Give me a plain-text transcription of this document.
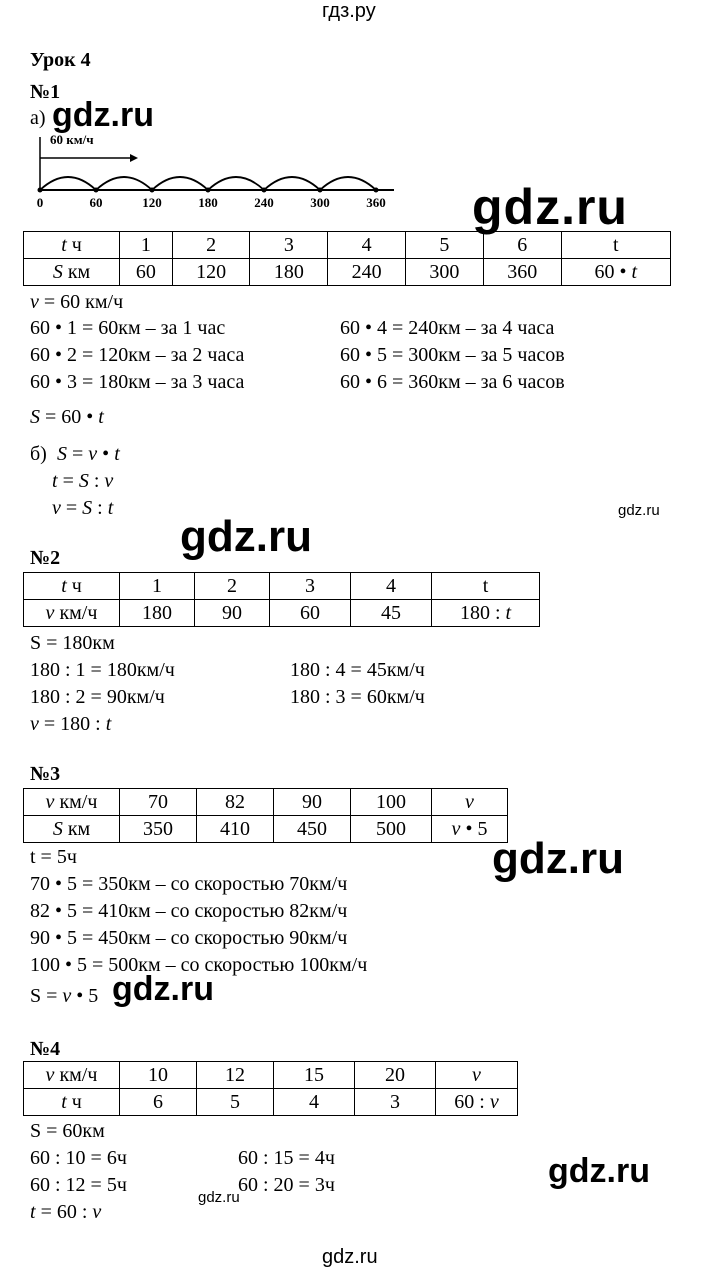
гдз.ру
Урок 4
№1
а)
0	60	120	180	240	300	360
60 км/ч
t ч	1	2	3	4	5	6	t
S км	60	120	180	240	300	360	60 • t
v = 60 км/ч
60 • 1 = 60км – за 1 час
60 • 2 = 120км – за 2 часа
60 • 3 = 180км – за 3 часа
60 • 4 = 240км – за 4 часа
60 • 5 = 300км – за 5 часов
60 • 6 = 360км – за 6 часов
S = 60 • t
б) S = v • t
t = S : v
v = S : t
№2
t ч	1	2	3	4	t
v км/ч	180	90	60	45	180 : t
S = 180км
180 : 1 = 180км/ч
180 : 2 = 90км/ч
180 : 4 = 45км/ч
180 : 3 = 60км/ч
v = 180 : t
№3
v км/ч	70	82	90	100	v
S км	350	410	450	500	v • 5
t = 5ч
70 • 5 = 350км – со скоростью 70км/ч
82 • 5 = 410км – со скоростью 82км/ч
90 • 5 = 450км – со скоростью 90км/ч
100 • 5 = 500км – со скоростью 100км/ч
S = v • 5
№4
v км/ч	10	12	15	20	v
t ч	6	5	4	3	60 : v
S = 60км
60 : 10 = 6ч
60 : 12 = 5ч
60 : 15 = 4ч
60 : 20 = 3ч
t = 60 : v
gdz.ru
gdz.ru
gdz.ru
gdz.ru
gdz.ru
gdz.ru
gdz.ru
gdz.ru
gdz.ru
